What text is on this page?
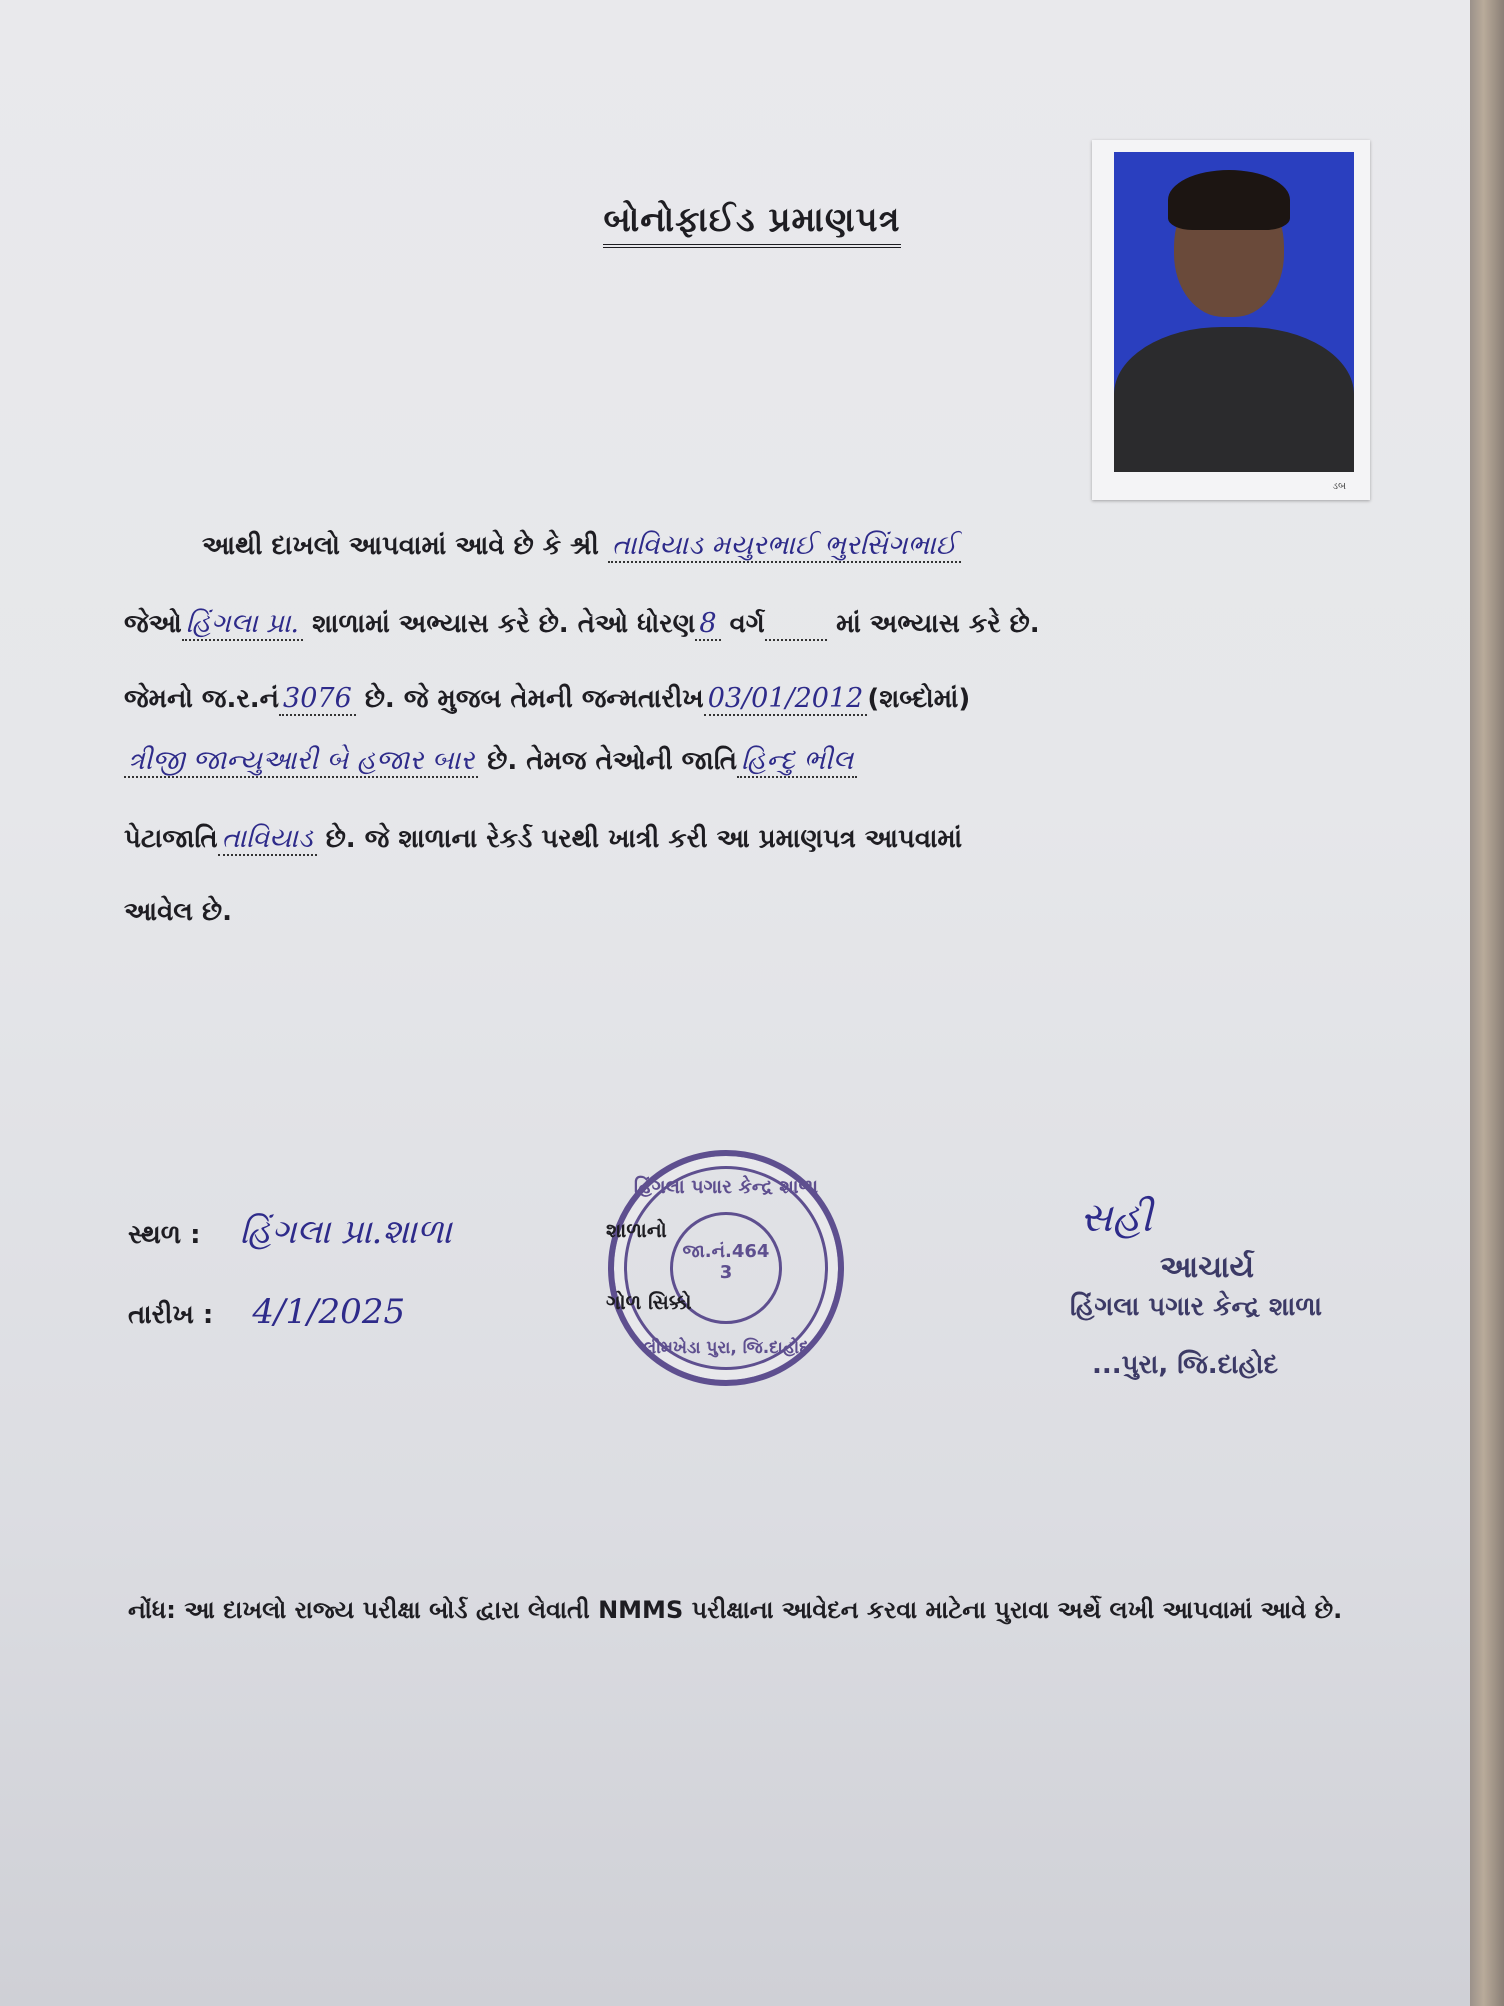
બોનોફાઈડ પ્રમાણપત્ર
ડબ
આથી દાખલો આપવામાં આવે છે કે શ્રી તાવિયાડ મયુરભાઈ ભુરસિંગભાઈ
જેઓ હિંગલા પ્રા. શાળામાં અભ્યાસ કરે છે. તેઓ ધોરણ 8 વર્ગ	માં અભ્યાસ કરે છે.
જેમનો જ.ર.નં 3076 છે. જે મુજબ તેમની જન્મતારીખ 03/01/2012 (શબ્દોમાં)
ત્રીજી જાન્યુઆરી બે હજાર બાર છે. તેમજ તેઓની જાતિ હિન્દુ ભીલ
પેટાજાતિ તાવિયાડ છે. જે શાળાના રેકર્ડ પરથી ખાત્રી કરી આ પ્રમાણપત્ર આપવામાં
આવેલ છે.
સ્થળ : હિંગલા પ્રા.શાળા
તારીખ : 4/1/2025
હિંગલા પગાર કેન્દ્ર શાળા
જા.નં.464
3
લીમખેડા પુરા, જિ.દાહોદ
શાળાનો
ગોળ સિક્કો
સહી
આચાર્ય
હિંગલા પગાર કેન્દ્ર શાળા
...પુરા, જિ.દાહોદ
નોંધ: આ દાખલો રાજ્ય પરીક્ષા બોર્ડ દ્વારા લેવાતી NMMS પરીક્ષાના આવેદન કરવા માટેના પુરાવા અર્થે લખી આપવામાં આવે છે.
